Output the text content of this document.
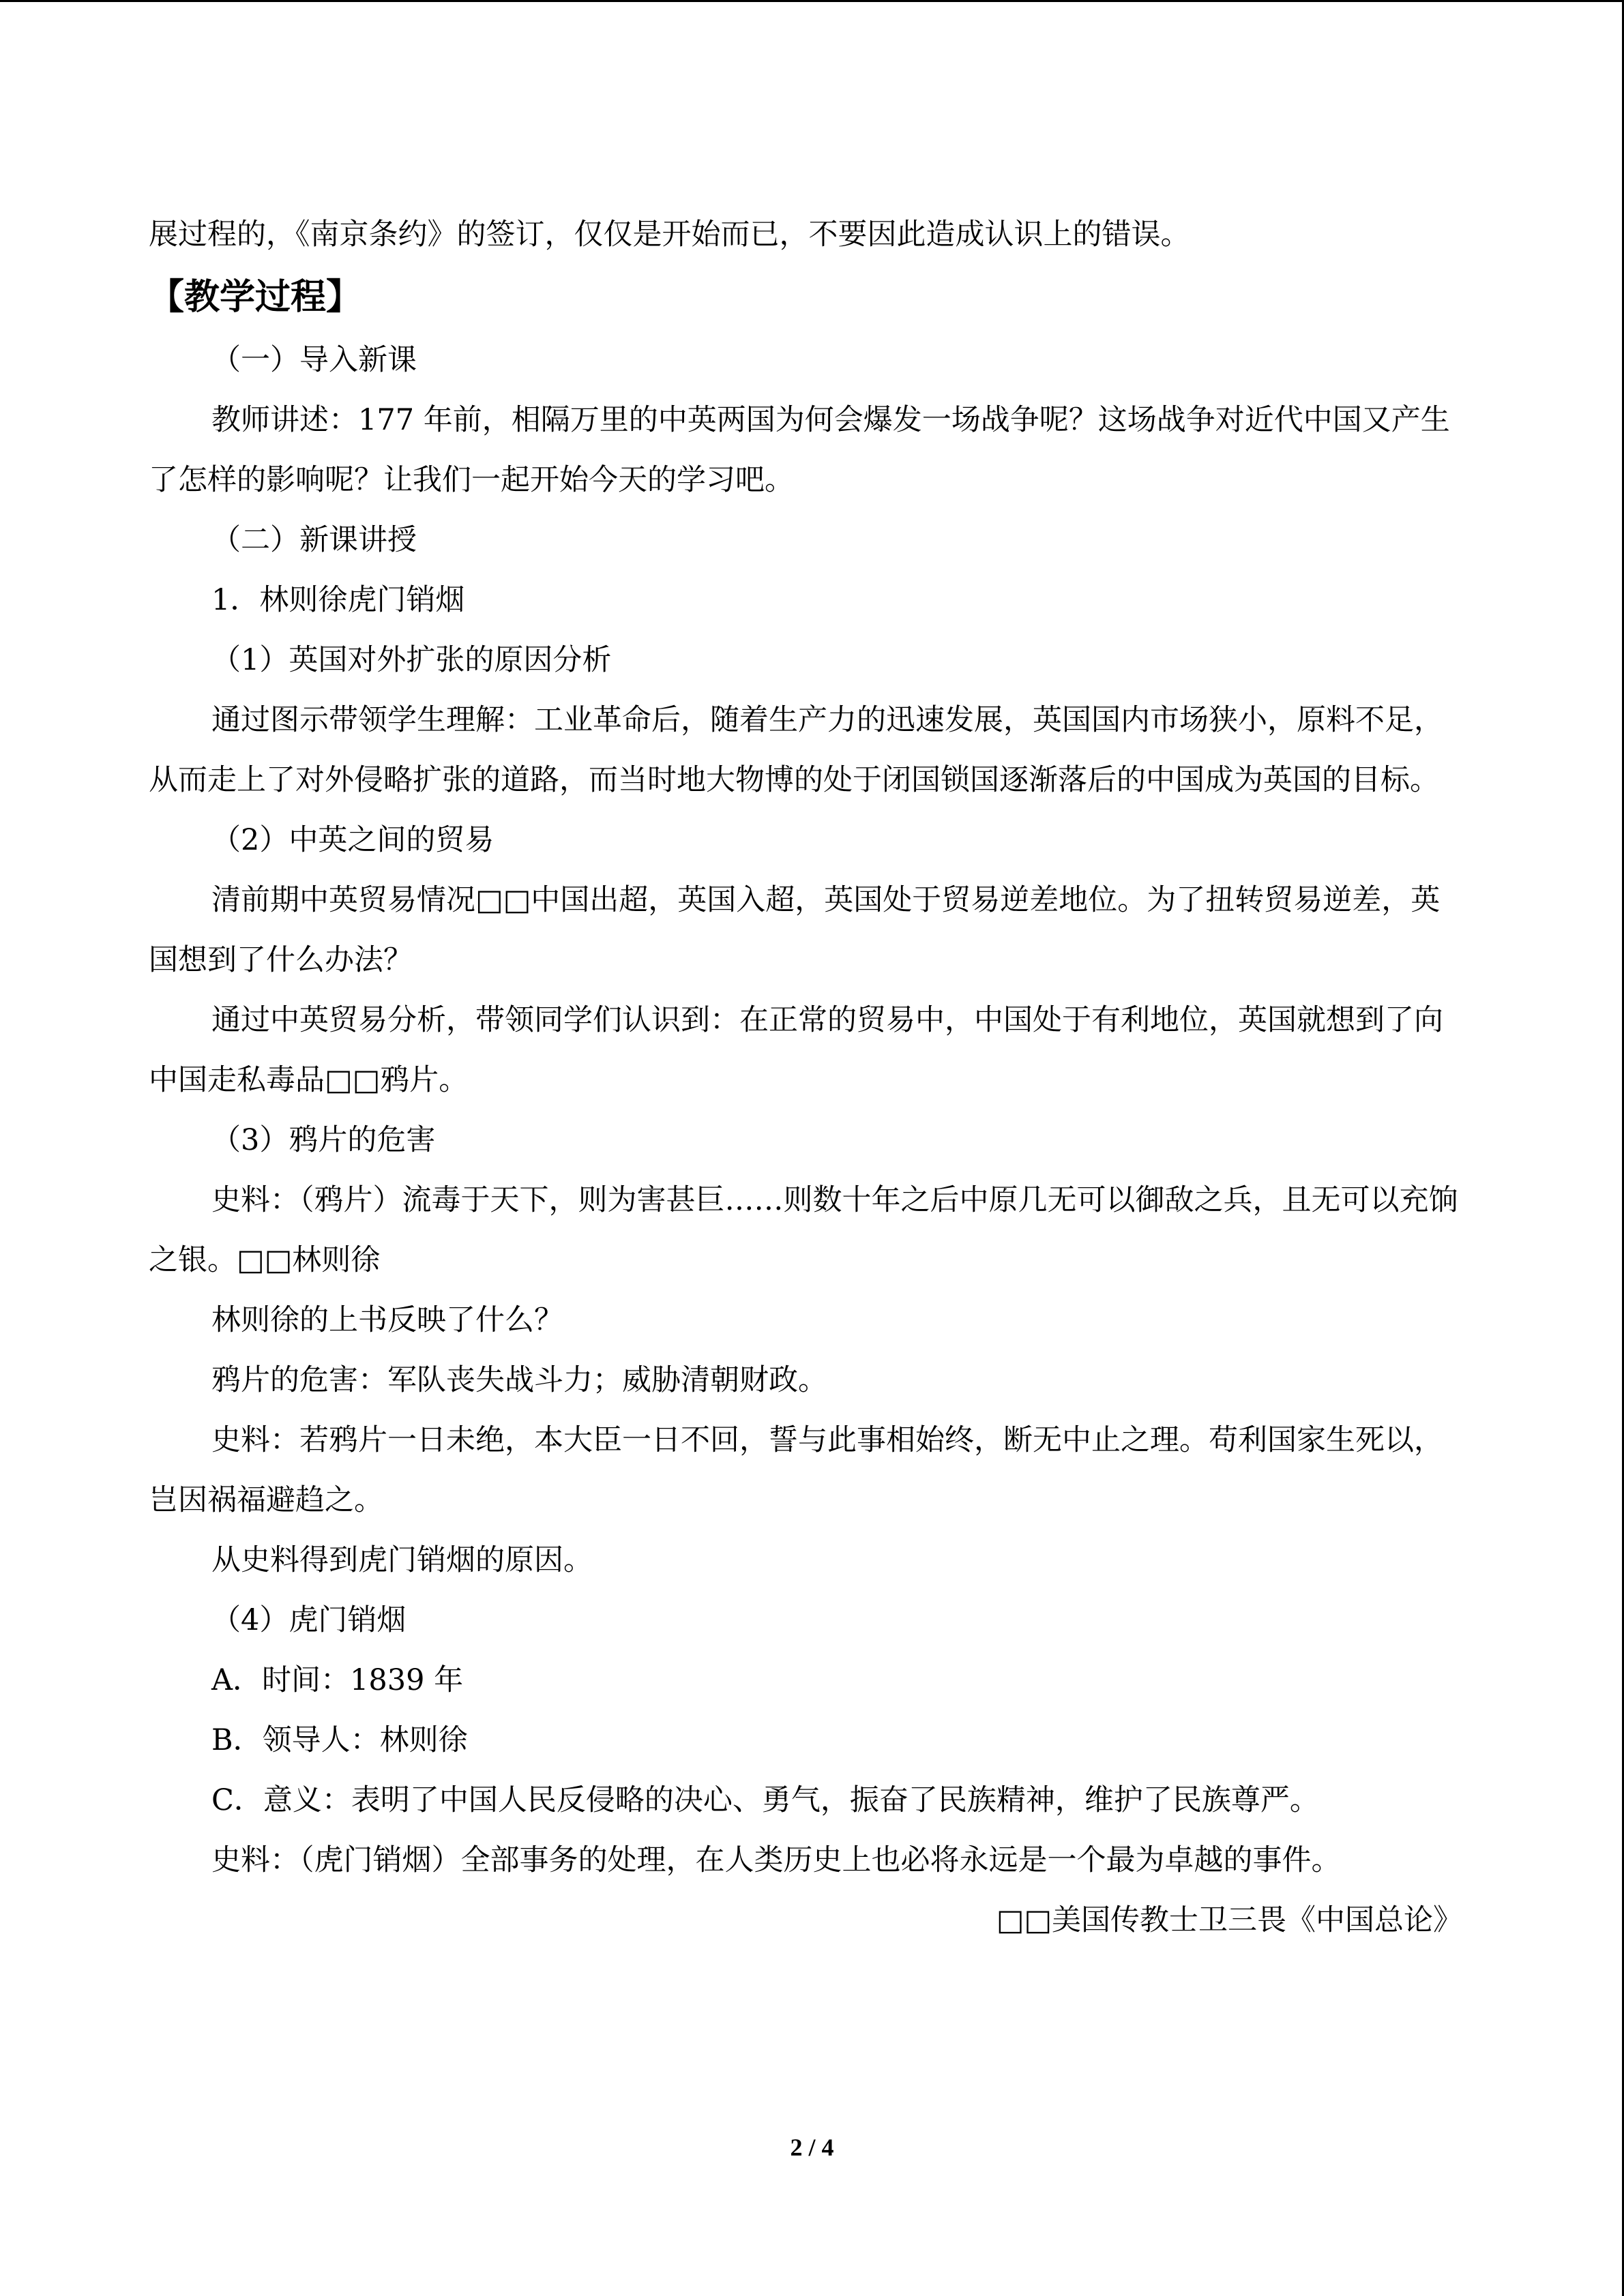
展过程的，《南京条约》的签订，仅仅是开始而已，不要因此造成认识上的错误。

【教学过程】

（一）导入新课

教师讲述：177 年前，相隔万里的中英两国为何会爆发一场战争呢？这场战争对近代中国又产生了怎样的影响呢？让我们一起开始今天的学习吧。

（二）新课讲授

1．林则徐虎门销烟

（1）英国对外扩张的原因分析

通过图示带领学生理解：工业革命后，随着生产力的迅速发展，英国国内市场狭小，原料不足，从而走上了对外侵略扩张的道路，而当时地大物博的处于闭国锁国逐渐落后的中国成为英国的目标。

（2）中英之间的贸易

清前期中英贸易情况□□中国出超，英国入超，英国处于贸易逆差地位。为了扭转贸易逆差，英国想到了什么办法？

通过中英贸易分析，带领同学们认识到：在正常的贸易中，中国处于有利地位，英国就想到了向中国走私毒品□□鸦片。

（3）鸦片的危害

史料：（鸦片）流毒于天下，则为害甚巨……则数十年之后中原几无可以御敌之兵，且无可以充饷之银。□□林则徐

林则徐的上书反映了什么？

鸦片的危害：军队丧失战斗力；威胁清朝财政。

史料：若鸦片一日未绝，本大臣一日不回，誓与此事相始终，断无中止之理。苟利国家生死以，岂因祸福避趋之。

从史料得到虎门销烟的原因。

（4）虎门销烟

A．时间：1839 年

B．领导人：林则徐

C．意义：表明了中国人民反侵略的决心、勇气，振奋了民族精神，维护了民族尊严。

史料：（虎门销烟）全部事务的处理，在人类历史上也必将永远是一个最为卓越的事件。

□□美国传教士卫三畏《中国总论》

2 / 4
